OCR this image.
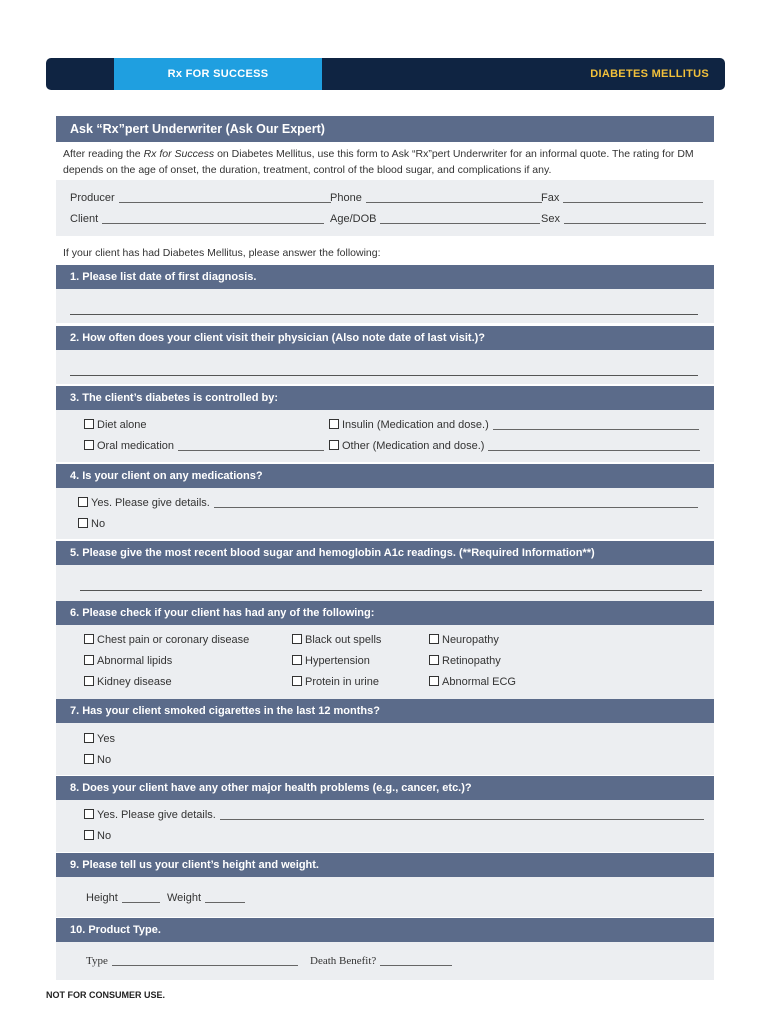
Rx FOR SUCCESS	DIABETES MELLITUS
Ask “Rx”pert Underwriter (Ask Our Expert)
After reading the Rx for Success on Diabetes Mellitus, use this form to Ask “Rx”pert Underwriter for an informal quote. The rating for DM depends on the age of onset, the duration, treatment, control of the blood sugar, and complications if any.
Producer	Phone	Fax
Client	Age/DOB	Sex
If your client has had Diabetes Mellitus, please answer the following:
1. Please list date of first diagnosis.
2. How often does your client visit their physician (Also note date of last visit.)?
3. The client’s diabetes is controlled by:
Diet alone	Insulin (Medication and dose.)
Oral medication	Other (Medication and dose.)
4. Is your client on any medications?
Yes. Please give details.
No
5. Please give the most recent blood sugar and hemoglobin A1c readings. (**Required Information**)
6. Please check if your client has had any of the following:
Chest pain or coronary disease	Black out spells	Neuropathy
Abnormal lipids	Hypertension	Retinopathy
Kidney disease	Protein in urine	Abnormal ECG
7. Has your client smoked cigarettes in the last 12 months?
Yes
No
8. Does your client have any other major health problems (e.g., cancer, etc.)?
Yes. Please give details.
No
9. Please tell us your client’s height and weight.
Height	Weight
10. Product Type.
Type	Death Benefit?
NOT FOR CONSUMER USE.
